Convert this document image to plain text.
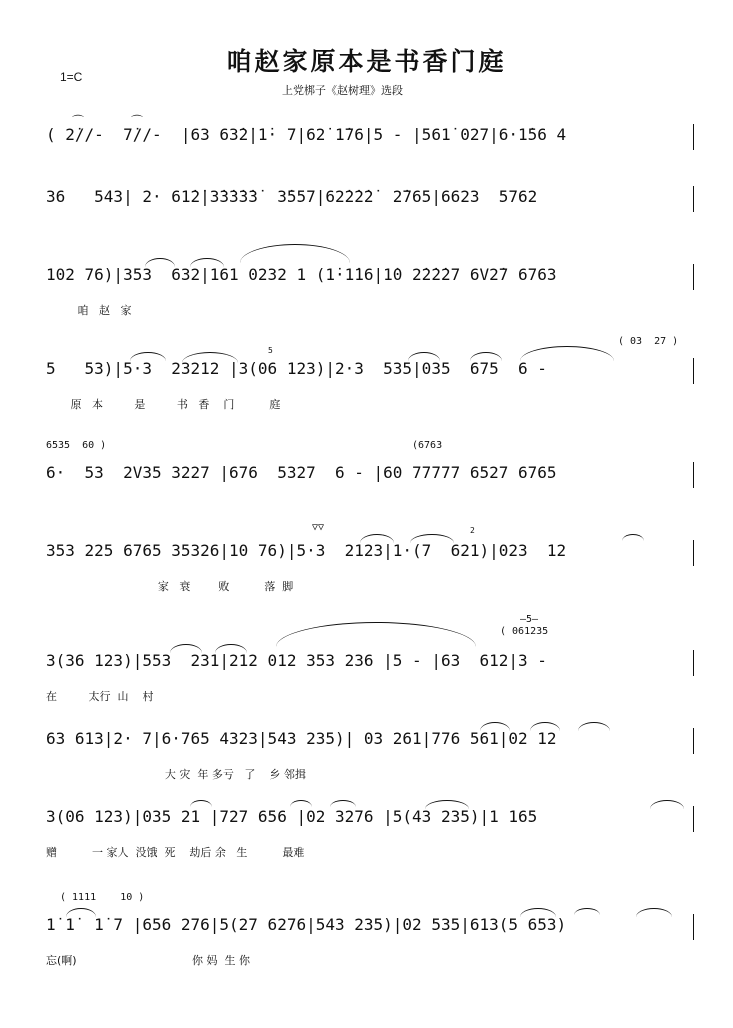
咱赵家原本是书香门庭
1=C
上党梆子《赵树理》选段
( 2̇//-  7̇//-  |63 63̇2̇|1̇· 7|62̇ 1̇76|5 - |561̇ 027|6·1̇56 4
⌒	⌒
36   543| 2· 61̇2̇|3̇3̇3̇3̇3̇  3̇557|62̇2̇2̇2̇  2̇765|6623  5762
102 76)|353  632|161 0232 1 (1̇·1̇16|1̇0 2̇2̇2̇27 6V2̇7 6763
咱   赵   家
5   53)|5·3  23212 |3(06 123)|2·3  535|035  675  6 -
原   本         是         书   香    门          庭
( 03  27 )
5
6·  53  2V35 3227 |676  5327  6 - |60 77777 6527 6765
6535  60 )	(6763
353 225 6765 35326|10 76)|5·3  2123|1·(7  621)|023  12
家   衰        败          落  脚
▽▽	2
3(36 123)|553  231|212 012 353 236 |5 - |63  612|3 -
在         太行  山    村
—5—
( 061235
63 613|2· 7|6·765 4323|543 235)| 03 261|776 561|02 12
大 灾  年 多亏   了    乡 邻揖
3(06 123)|035 21 |727 656 |02 3276 |5(43 235)|1 165
赠          一 家人  没饿  死    劫后 余   生          最难
1̇ 1̇  1̇ 7 |656 276|5(27 6276|543 235)|02 535|613(5 653)
忘(啊)                                 你 妈  生 你
( 1111    10 )
